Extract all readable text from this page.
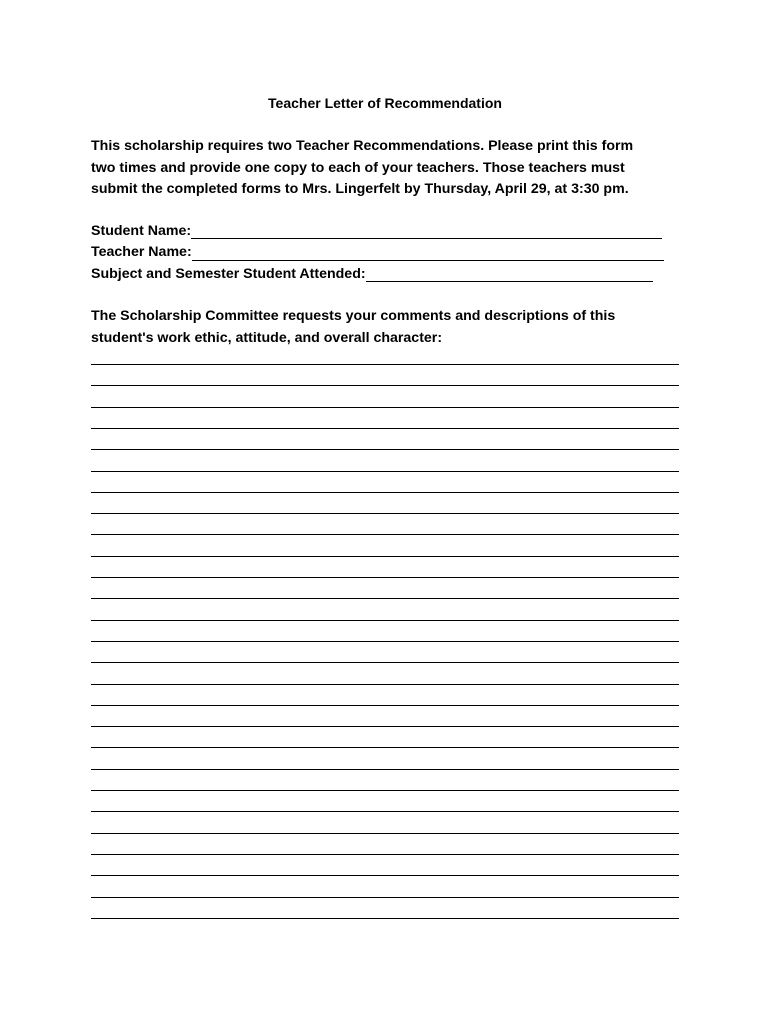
Teacher Letter of Recommendation
This scholarship requires two Teacher Recommendations. Please print this form
two times and provide one copy to each of your teachers. Those teachers must
submit the completed forms to Mrs. Lingerfelt by Thursday, April 29, at 3:30 pm.
Student Name:
Teacher Name:
Subject and Semester Student Attended:
The Scholarship Committee requests your comments and descriptions of this
student's work ethic, attitude, and overall character:
